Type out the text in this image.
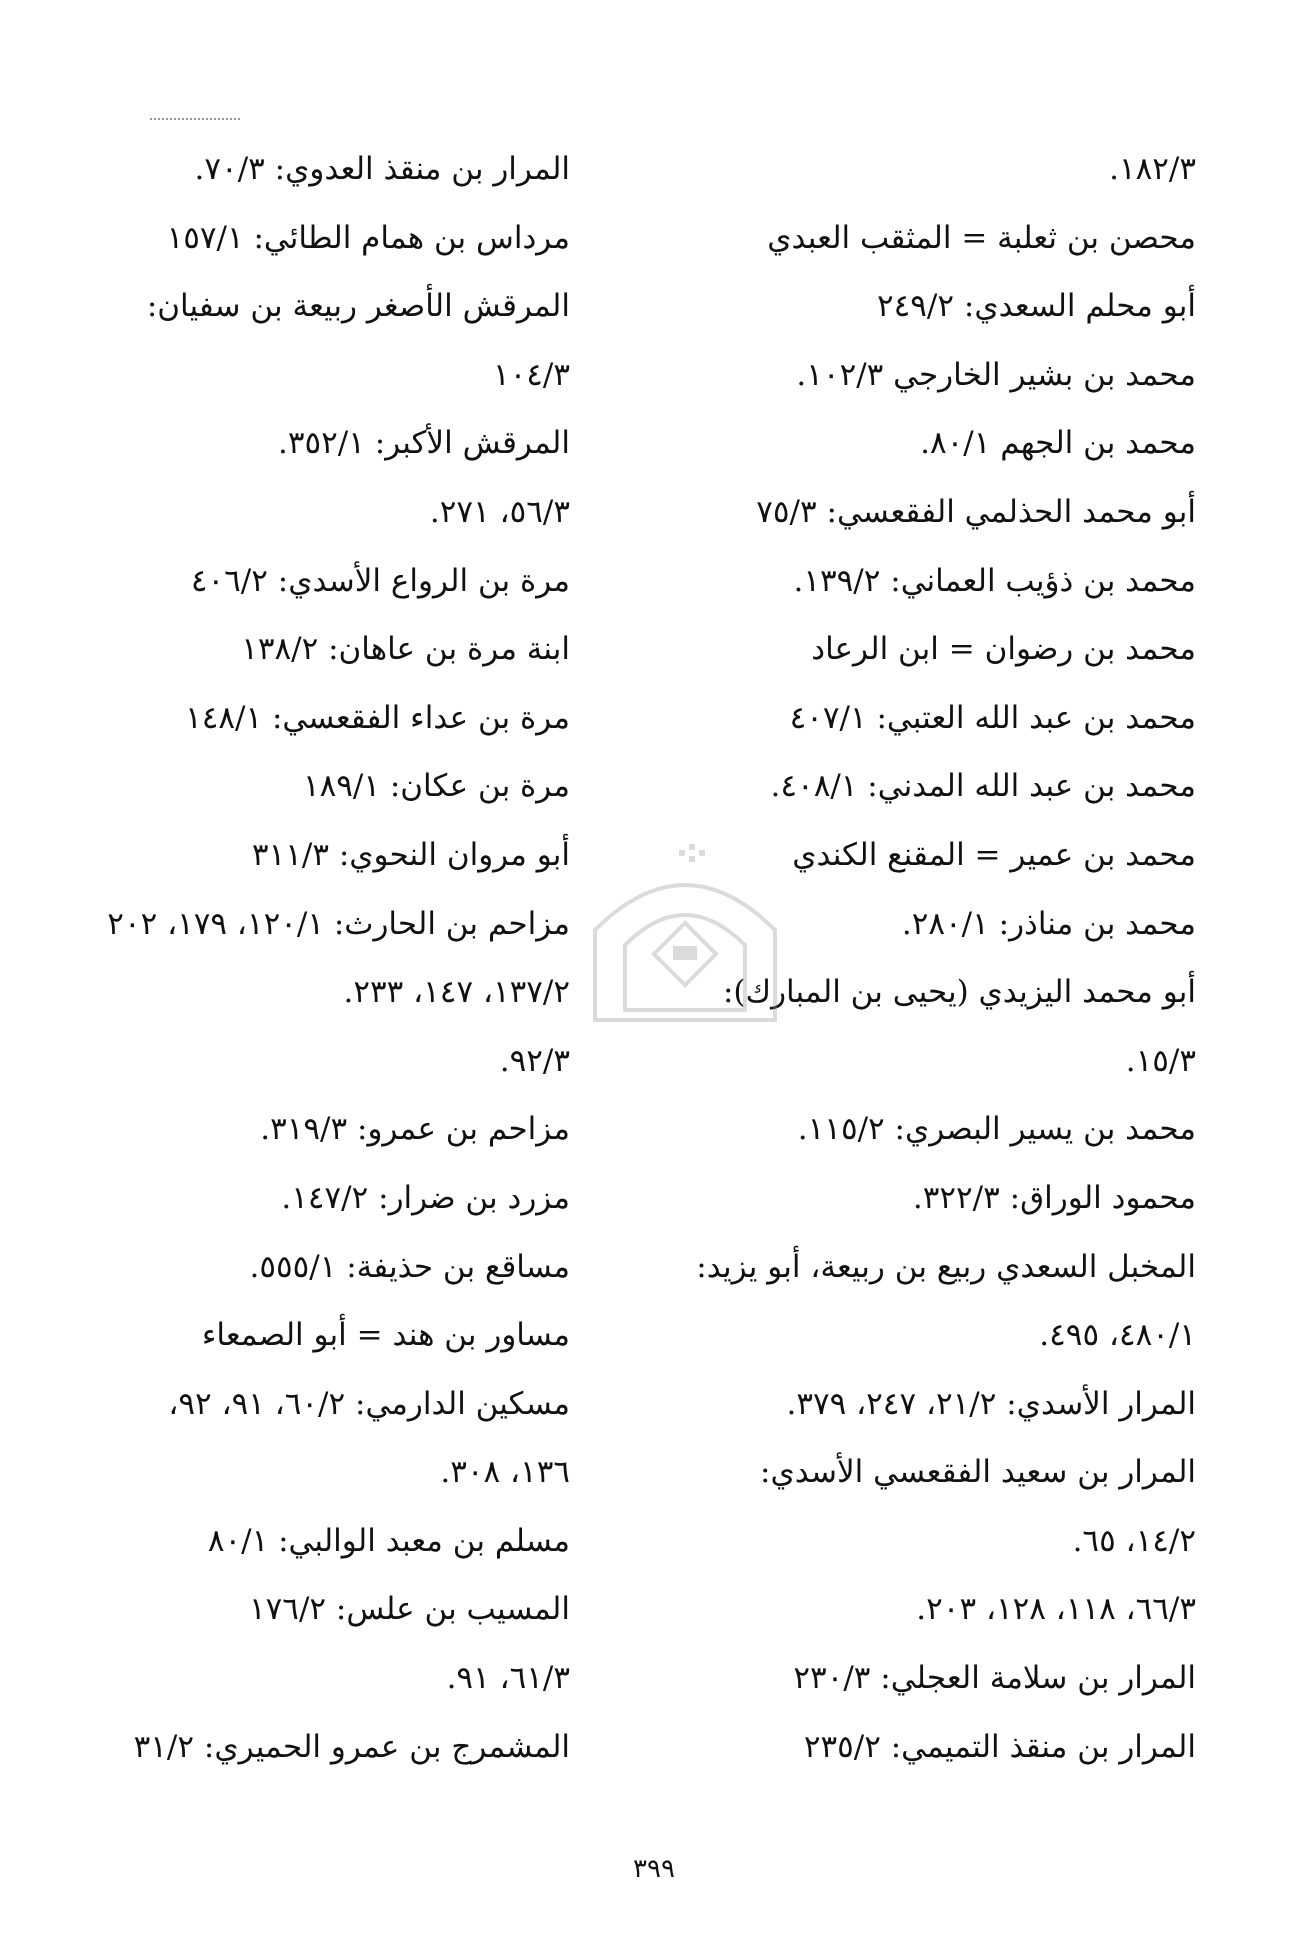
١٨٢/٣.
محصن بن ثعلبة = المثقب العبدي
أبو محلم السعدي: ٢٤٩/٢
محمد بن بشير الخارجي ١٠٢/٣.
محمد بن الجهم ٨٠/١.
أبو محمد الحذلمي الفقعسي: ٧٥/٣
محمد بن ذؤيب العماني: ١٣٩/٢.
محمد بن رضوان = ابن الرعاد
محمد بن عبد الله العتبي: ٤٠٧/١
محمد بن عبد الله المدني: ٤٠٨/١.
محمد بن عمير = المقنع الكندي
محمد بن مناذر: ٢٨٠/١.
أبو محمد اليزيدي (يحيى بن المبارك):
١٥/٣.
محمد بن يسير البصري: ١١٥/٢.
محمود الوراق: ٣٢٢/٣.
المخبل السعدي ربيع بن ربيعة، أبو يزيد:
٤٨٠/١، ٤٩٥.
المرار الأسدي: ٢١/٢، ٢٤٧، ٣٧٩.
المرار بن سعيد الفقعسي الأسدي:
١٤/٢، ٦٥.
٦٦/٣، ١١٨، ١٢٨، ٢٠٣.
المرار بن سلامة العجلي: ٢٣٠/٣
المرار بن منقذ التميمي: ٢٣٥/٢
المرار بن منقذ العدوي: ٧٠/٣.
مرداس بن همام الطائي: ١٥٧/١
المرقش الأصغر ربيعة بن سفيان:
١٠٤/٣
المرقش الأكبر: ٣٥٢/١.
٥٦/٣، ٢٧١.
مرة بن الرواع الأسدي: ٤٠٦/٢
ابنة مرة بن عاهان: ١٣٨/٢
مرة بن عداء الفقعسي: ١٤٨/١
مرة بن عكان: ١٨٩/١
أبو مروان النحوي: ٣١١/٣
مزاحم بن الحارث: ١٢٠/١، ١٧٩، ٢٠٢
١٣٧/٢، ١٤٧، ٢٣٣.
٩٢/٣.
مزاحم بن عمرو: ٣١٩/٣.
مزرد بن ضرار: ١٤٧/٢.
مساقع بن حذيفة: ٥٥٥/١.
مساور بن هند = أبو الصمعاء
مسكين الدارمي: ٦٠/٢، ٩١، ٩٢،
١٣٦، ٣٠٨.
مسلم بن معبد الوالبي: ٨٠/١
المسيب بن علس: ١٧٦/٢
٦١/٣، ٩١.
المشمرج بن عمرو الحميري: ٣١/٢
٣٩٩
